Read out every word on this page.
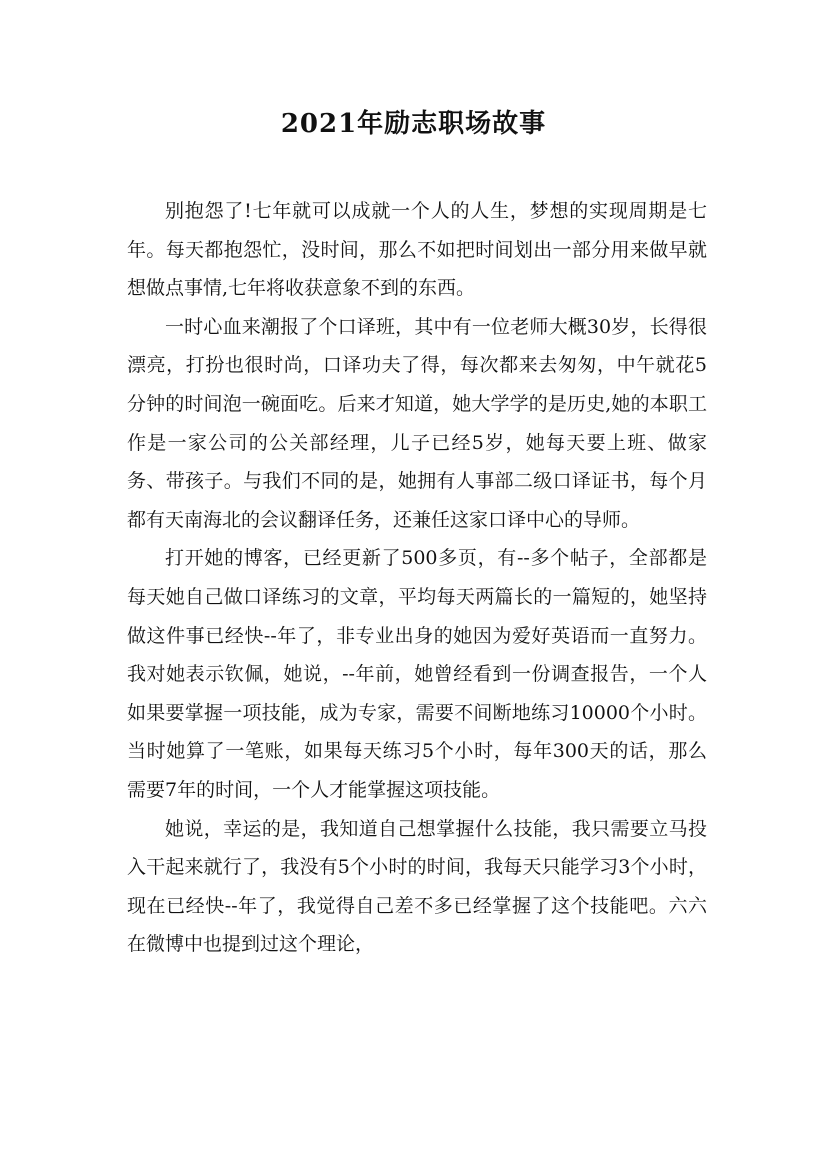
2021年励志职场故事

别抱怨了!七年就可以成就一个人的人生，梦想的实现周期是七年。每天都抱怨忙，没时间，那么不如把时间划出一部分用来做早就想做点事情,七年将收获意象不到的东西。

一时心血来潮报了个口译班，其中有一位老师大概30岁，长得很漂亮，打扮也很时尚，口译功夫了得，每次都来去匆匆，中午就花5分钟的时间泡一碗面吃。后来才知道，她大学学的是历史,她的本职工作是一家公司的公关部经理，儿子已经5岁，她每天要上班、做家务、带孩子。与我们不同的是，她拥有人事部二级口译证书，每个月都有天南海北的会议翻译任务，还兼任这家口译中心的导师。

打开她的博客，已经更新了500多页，有--多个帖子，全部都是每天她自己做口译练习的文章，平均每天两篇长的一篇短的，她坚持做这件事已经快--年了，非专业出身的她因为爱好英语而一直努力。我对她表示钦佩，她说，--年前，她曾经看到一份调查报告，一个人如果要掌握一项技能，成为专家，需要不间断地练习10000个小时。当时她算了一笔账，如果每天练习5个小时，每年300天的话，那么需要7年的时间，一个人才能掌握这项技能。

她说，幸运的是，我知道自己想掌握什么技能，我只需要立马投入干起来就行了，我没有5个小时的时间，我每天只能学习3个小时，现在已经快--年了，我觉得自己差不多已经掌握了这个技能吧。六六在微博中也提到过这个理论，
